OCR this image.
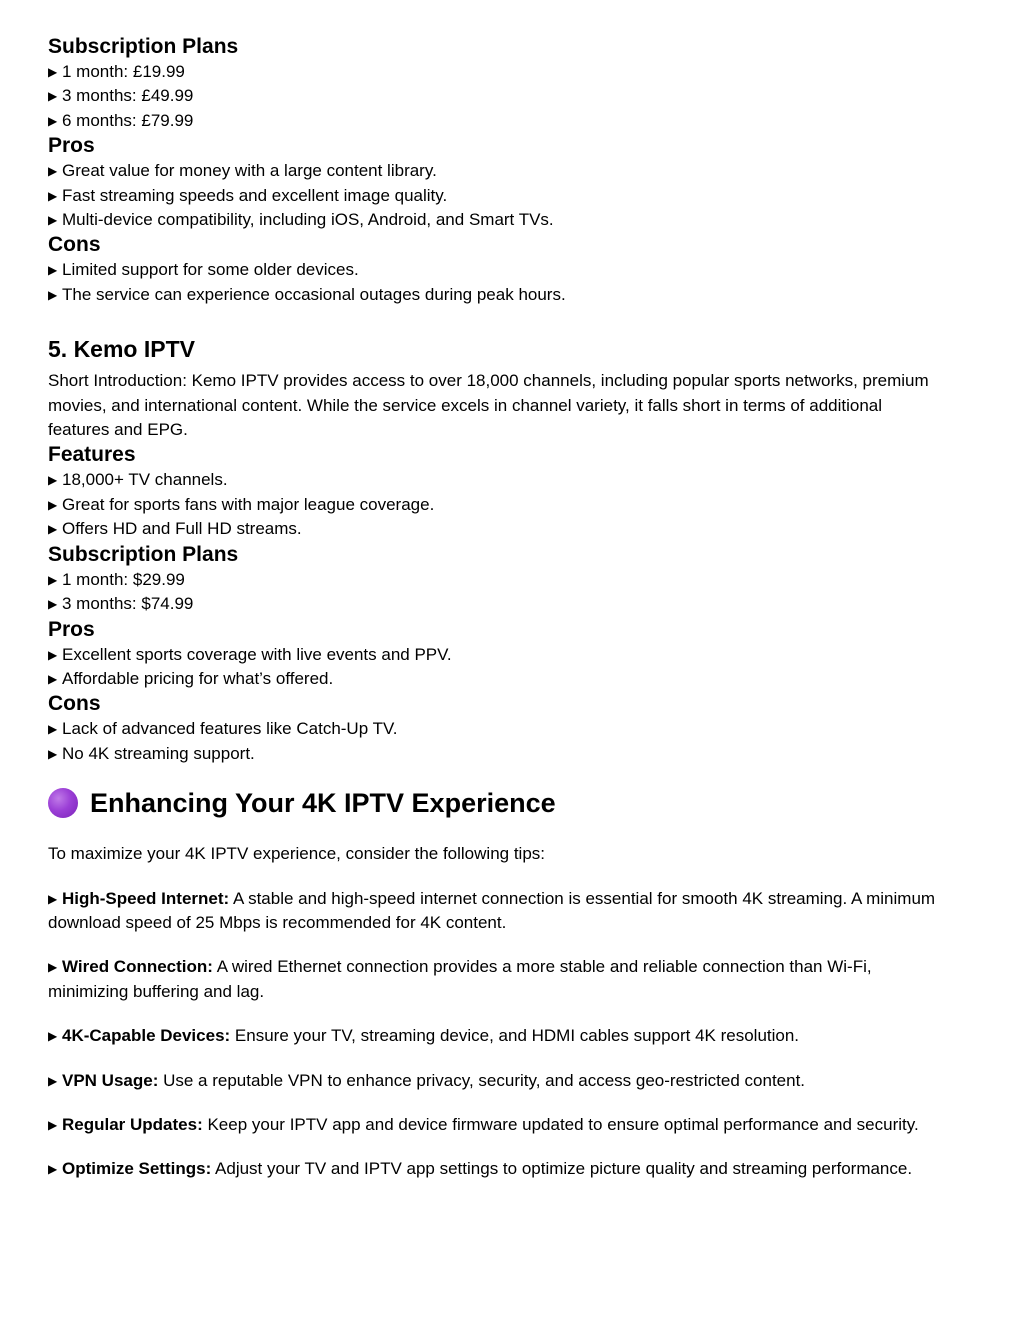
Subscription Plans

▶ 1 month: £19.99

▶ 3 months: £49.99

▶ 6 months: £79.99

Pros

▶ Great value for money with a large content library.

▶ Fast streaming speeds and excellent image quality.

▶ Multi-device compatibility, including iOS, Android, and Smart TVs.

Cons

▶ Limited support for some older devices.

▶ The service can experience occasional outages during peak hours.

5. Kemo IPTV

Short Introduction: Kemo IPTV provides access to over 18,000 channels, including popular sports networks, premium movies, and international content. While the service excels in channel variety, it falls short in terms of additional features and EPG.

Features

▶ 18,000+ TV channels.

▶ Great for sports fans with major league coverage.

▶ Offers HD and Full HD streams.

Subscription Plans

▶ 1 month: $29.99

▶ 3 months: $74.99

Pros

▶ Excellent sports coverage with live events and PPV.

▶ Affordable pricing for what’s offered.

Cons

▶ Lack of advanced features like Catch-Up TV.

▶ No 4K streaming support.

Enhancing Your 4K IPTV Experience

To maximize your 4K IPTV experience, consider the following tips:

▶ High-Speed Internet: A stable and high-speed internet connection is essential for smooth 4K streaming. A minimum download speed of 25 Mbps is recommended for 4K content.

▶ Wired Connection: A wired Ethernet connection provides a more stable and reliable connection than Wi-Fi, minimizing buffering and lag.

▶ 4K-Capable Devices: Ensure your TV, streaming device, and HDMI cables support 4K resolution.

▶ VPN Usage: Use a reputable VPN to enhance privacy, security, and access geo-restricted content.

▶ Regular Updates: Keep your IPTV app and device firmware updated to ensure optimal performance and security.

▶ Optimize Settings: Adjust your TV and IPTV app settings to optimize picture quality and streaming performance.
